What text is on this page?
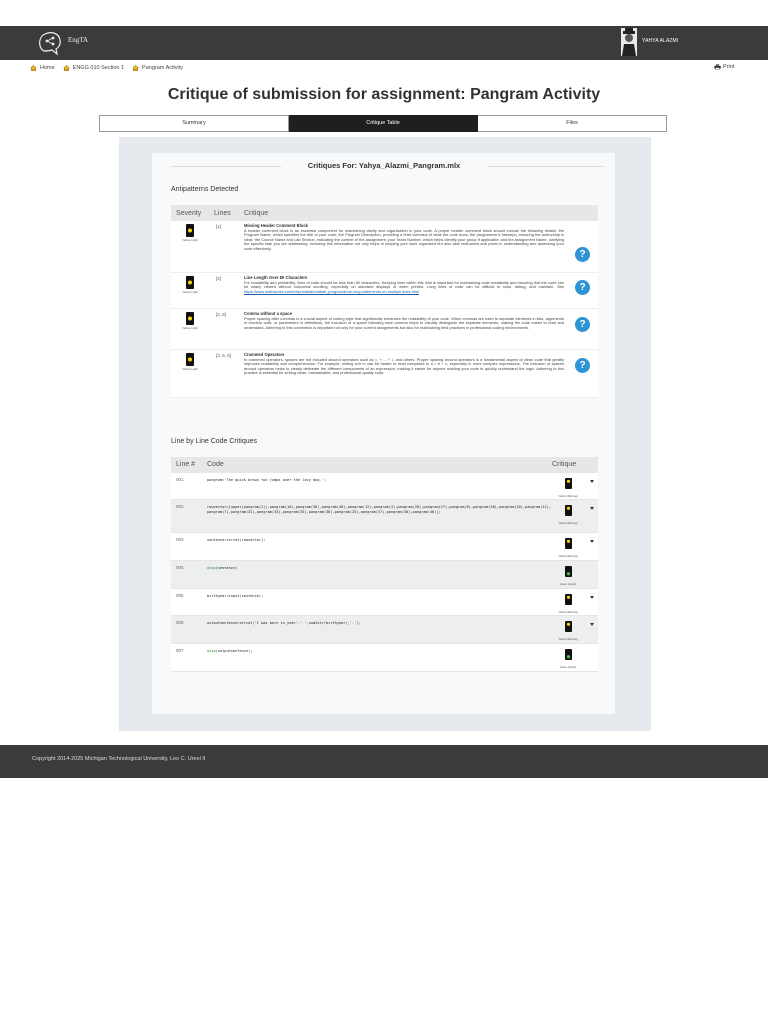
EngTA	YAHYA ALAZMI
Home	ENGG 010 Section 1	Pangram Activity	Print
Critique of submission for assignment: Pangram Activity
Summary	Critique Table	Files
Critiques For: Yahya_Alazmi_Pangram.mlx
Antipatterns Detected
Severity Lines Critique
Yellow Light
[1]	Missing Header Comment Block
A header comment block is an essential component for maintaining clarity and organization in your code. A proper header comment block should include the following details: the Program Name, which specifies the title of your code; the Program Description, providing a brief overview of what the code does; the programmer's Name(s), ensuring the authorship is clear; the Course Name and Lab Section, indicating the context of the assignment; your Team Number, which helps identify your group if applicable; and the Assignment Name, clarifying the specific task you are addressing. Including this information not only helps in keeping your work organized but also aids instructors and peers in understanding and assessing your code effectively.
?
Yellow Light
[2]	Line Length Over 80 Characters
For readability and printability, lines of code should be less than 80 characters. Keeping lines within this limit is important for maintaining code readability and ensuring that the code can be easily viewed without horizontal scrolling, especially on standard displays or when printed. Long lines of code can be difficult to read, debug, and maintain. See https://www.mathworks.com/help/matlab/matlab_prog/continue-long-statements-on-multiple-lines.html	?
Yellow Light
[2, 6]	Comma without a space
Proper spacing after commas is a crucial aspect of coding style that significantly enhances the readability of your code. When commas are used to separate elements in lists, arguments in function calls, or parameters in definitions, the inclusion of a space following each comma helps to visually distinguish the separate elements, making the code easier to read and understand. Adhering to this convention is important not only for your current assignments but also for maintaining best practices in professional coding environments.	?
Yellow Light
[3, 5, 6]	Crammed Operators
In crammed operators, spaces are not included around operators such as =, +, -, *, /, and others. Proper spacing around operators is a fundamental aspect of clean code that greatly improves readability and comprehension. For example, writing a=b+c can be harder to read compared to a = b + c, especially in more complex expressions. The inclusion of spaces around operators helps to clearly delineate the different components of an expression, making it easier for anyone reading your code to quickly understand the logic. Adhering to this practice is essential for writing clean, maintainable, and professional-quality code.
?
Line by Line Code Critiques
Line # Code	Critique
001	pangram='The quick brown fox jumps over the lazy dog.';
Yellow (Warning)
002	rowvector=[upper(pangram(2)),pangram(18),pangram(36),pangram(40),pangram(12),pangram(4),pangram(28),pangram(27),pangram(8),pangram(38),pangram(10),pangram(11),pangram(7),pangram(32),pangram(33),pangram(35),pangram(30),pangram(25),pangram(37),pangram(50),pangram(46)];
Yellow (Warning)
003	sentence=strcat(rowvector);
Yellow (Warning)
004	disp(sentence)
Green (Good)
005	birthyear=input(sentence);
Yellow (Warning)
006	outputsentence=strcat('I was born in year',' ',num2str(birthyear),'.');
Yellow (Warning)
007	disp(outputsentence);
Green (Good)
Copyright 2014-2025 Michigan Technological University, Leo C. Ureel II
